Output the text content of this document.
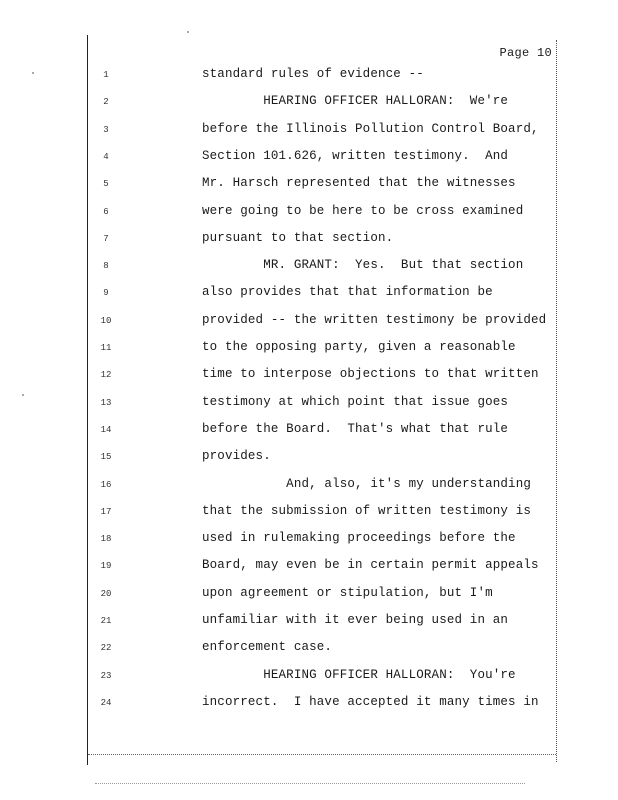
Page 10
1	standard rules of evidence --
2	HEARING OFFICER HALLORAN:  We're
3	before the Illinois Pollution Control Board,
4	Section 101.626, written testimony.  And
5	Mr. Harsch represented that the witnesses
6	were going to be here to be cross examined
7	pursuant to that section.
8	MR. GRANT:  Yes.  But that section
9	also provides that that information be
10	provided -- the written testimony be provided
11	to the opposing party, given a reasonable
12	time to interpose objections to that written
13	testimony at which point that issue goes
14	before the Board.  That's what that rule
15	provides.
16	And, also, it's my understanding
17	that the submission of written testimony is
18	used in rulemaking proceedings before the
19	Board, may even be in certain permit appeals
20	upon agreement or stipulation, but I'm
21	unfamiliar with it ever being used in an
22	enforcement case.
23	HEARING OFFICER HALLORAN:  You're
24	incorrect.  I have accepted it many times in
